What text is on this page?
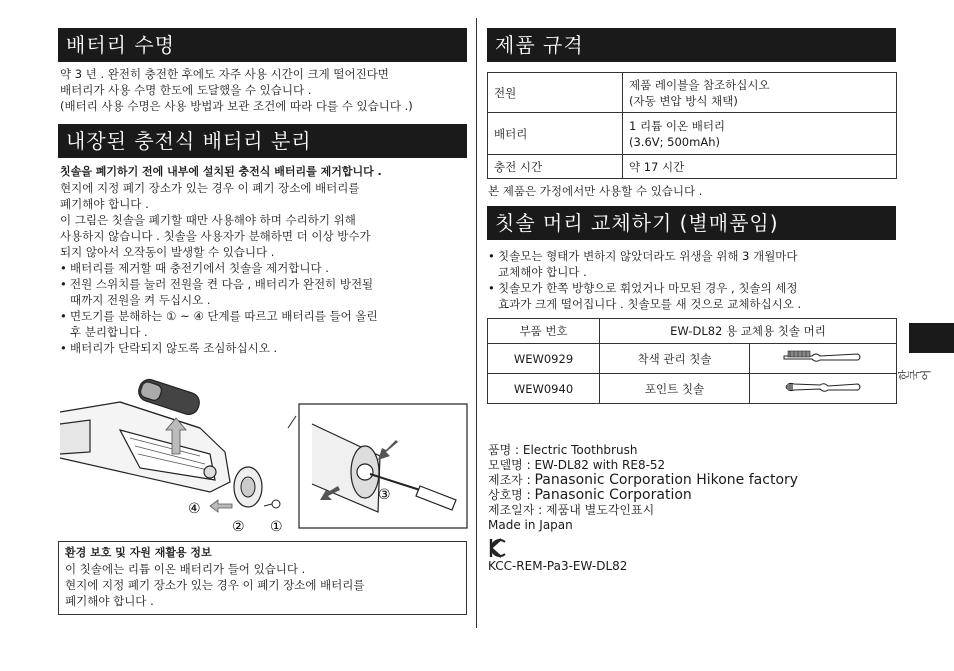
배터리 수명
약 3 년 . 완전히 충전한 후에도 자주 사용 시간이 크게 떨어진다면
배터리가 사용 수명 한도에 도달했을 수 있습니다 .
(배터리 사용 수명은 사용 방법과 보관 조건에 따라 다를 수 있습니다 .)
내장된 충전식 배터리 분리
칫솔을 폐기하기 전에 내부에 설치된 충전식 배터리를 제거합니다 .
현지에 지정 폐기 장소가 있는 경우 이 폐기 장소에 배터리를
폐기해야 합니다 .
이 그림은 칫솔을 폐기할 때만 사용해야 하며 수리하기 위해
사용하지 않습니다 . 칫솔을 사용자가 분해하면 더 이상 방수가
되지 않아서 오작동이 발생할 수 있습니다 .
• 배터리를 제거할 때 충전기에서 칫솔을 제거합니다 .
• 전원 스위치를 눌러 전원을 켠 다음 , 배터리가 완전히 방전될
때까지 전원을 켜 두십시오 .
• 면도기를 분해하는 ① ~ ④ 단계를 따르고 배터리를 들어 올린
후 분리합니다 .
• 배터리가 단락되지 않도록 조심하십시오 .
④
② ①
③
환경 보호 및 자원 재활용 정보
이 칫솔에는 리튬 이온 배터리가 들어 있습니다 .
현지에 지정 폐기 장소가 있는 경우 이 폐기 장소에 배터리를
폐기해야 합니다 .
제품 규격
전원	제품 레이블을 참조하십시오
(자동 변압 방식 채택)

배터리	1 리튬 이온 배터리
(3.6V; 500mAh)

충전 시간	약 17 시간
본 제품은 가정에서만 사용할 수 있습니다 .
칫솔 머리 교체하기 (별매품임)
• 칫솔모는 형태가 변하지 않았더라도 위생을 위해 3 개월마다
교체해야 합니다 .
• 칫솔모가 한쪽 방향으로 휘었거나 마모된 경우 , 칫솔의 세정
효과가 크게 떨어집니다 . 칫솔모를 새 것으로 교체하십시오 .
부품 번호	EW-DL82 용 교체용 칫솔 머리	
WEW0929	착색 관리 칫솔	
WEW0940	포인트 칫솔	
한국어
품명 : Electric Toothbrush
모델명 : EW-DL82 with RE8-52
제조자 : Panasonic Corporation Hikone factory
상호명 : Panasonic Corporation
제조일자 : 제품내 별도각인표시
Made in Japan
KCC-REM-Pa3-EW-DL82
